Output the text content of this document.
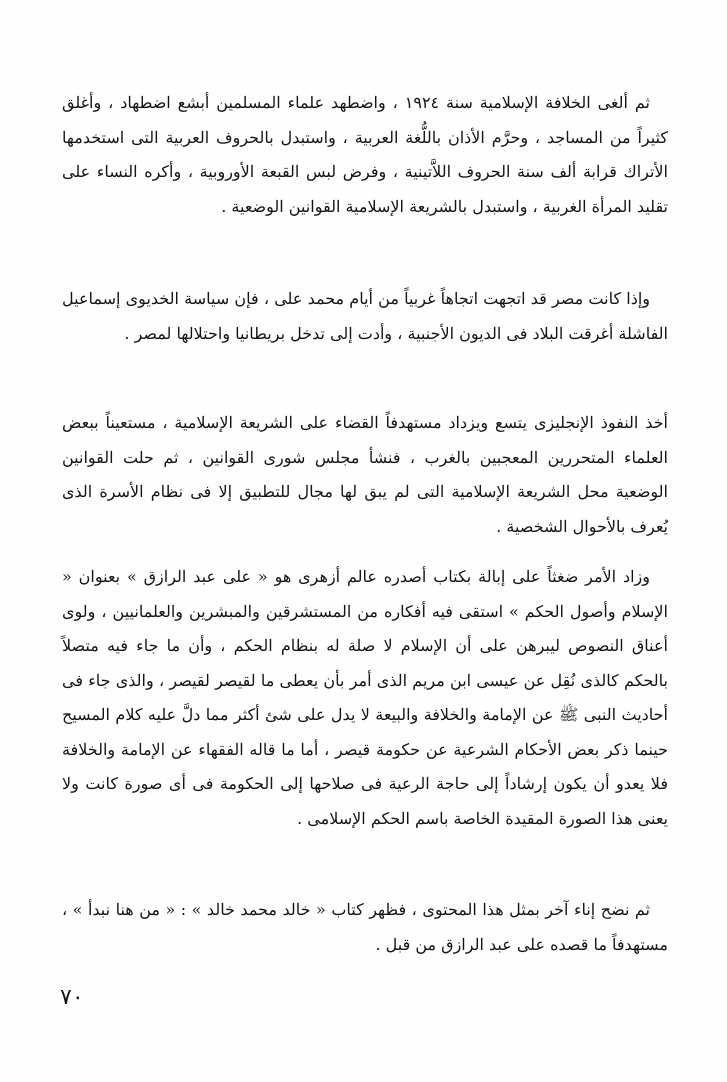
ثم ألغى الخلافة الإسلامية سنة ١٩٢٤ ، واضطهد علماء المسلمين أبشع اضطهاد ، وأغلق كثيراً من المساجد ، وحرَّم الأذان باللُّغة العربية ، واستبدل بالحروف العربية التى استخدمها الأتراك قرابة ألف سنة الحروف اللاَّتينية ، وفرض لبس القبعة الأوروبية ، وأكره النساء على تقليد المرأة الغربية ، واستبدل بالشريعة الإسلامية القوانين الوضعية .

وإذا كانت مصر قد اتجهت اتجاهاً غربياً من أيام محمد على ، فإن سياسة الخديوى إسماعيل الفاشلة أغرقت البلاد فى الديون الأجنبية ، وأدت إلى تدخل بريطانيا واحتلالها لمصر .

أخذ النفوذ الإنجليزى يتسع ويزداد مستهدفاً القضاء على الشريعة الإسلامية ، مستعيناً ببعض العلماء المتحررين المعجبين بالغرب ، فنشأ مجلس شورى القوانين ، ثم حلت القوانين الوضعية محل الشريعة الإسلامية التى لم يبق لها مجال للتطبيق إلا فى نظام الأسرة الذى يُعرف بالأحوال الشخصية .

وزاد الأمر ضغثاً على إبالة بكتاب أصدره عالم أزهرى هو « على عبد الرازق » بعنوان « الإسلام وأصول الحكم » استقى فيه أفكاره من المستشرقين والمبشرين والعلمانيين ، ولوى أعناق النصوص ليبرهن على أن الإسلام لا صلة له بنظام الحكم ، وأن ما جاء فيه متصلاً بالحكم كالذى نُقِل عن عيسى ابن مريم الذى أمر بأن يعطى ما لقيصر لقيصر ، والذى جاء فى أحاديث النبى ﷺ عن الإمامة والخلافة والبيعة لا يدل على شئ أكثر مما دلَّ عليه كلام المسيح حينما ذكر بعض الأحكام الشرعية عن حكومة قيصر ، أما ما قاله الفقهاء عن الإمامة والخلافة فلا يعدو أن يكون إرشاداً إلى حاجة الرعية فى صلاحها إلى الحكومة فى أى صورة كانت ولا يعنى هذا الصورة المقيدة الخاصة باسم الحكم الإسلامى .

ثم نضح إناء آخر بمثل هذا المحتوى ، فظهر كتاب « خالد محمد خالد » : « من هنا نبدأ » ، مستهدفاً ما قصده على عبد الرازق من قبل .

٧٠
